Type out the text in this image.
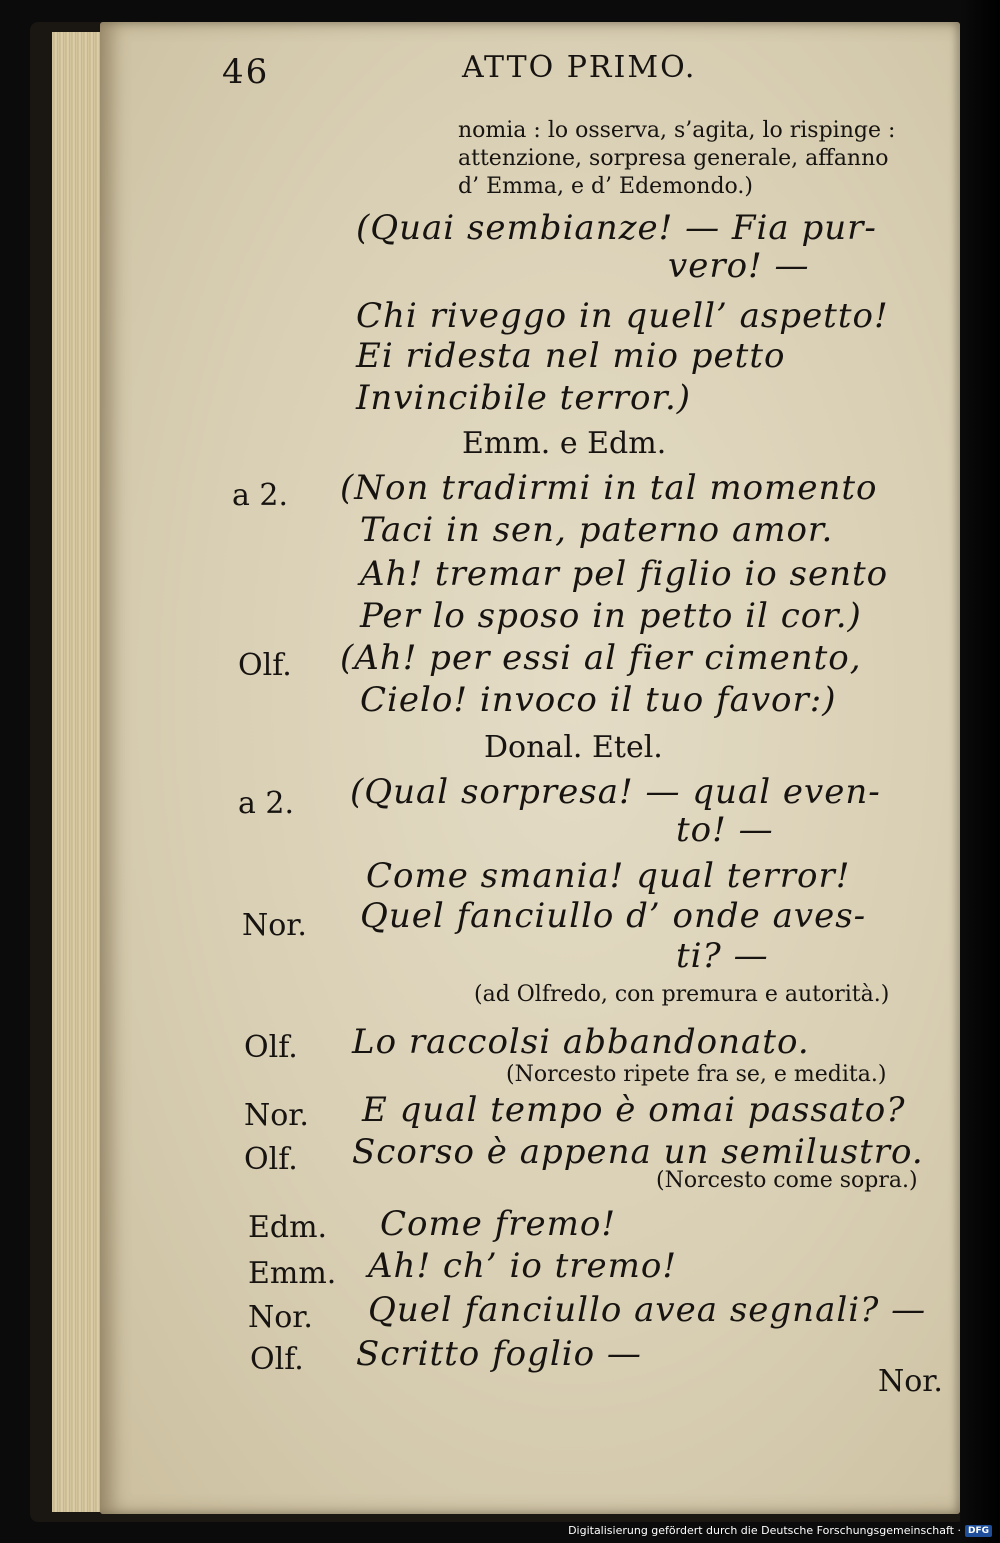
46	ATTO PRIMO.
nomia : lo osserva, s’agita, lo rispinge :
attenzione, sorpresa generale, affanno
d’ Emma, e d’ Edemondo.)
(Quai sembianze! — Fia pur-
vero! —
Chi riveggo in quell’ aspetto!
Ei ridesta nel mio petto
Invincibile terror.)
Emm. e Edm.
a 2. (Non tradirmi in tal momento
Taci in sen, paterno amor.
Ah! tremar pel figlio io sento
Per lo sposo in petto il cor.)
Olf. (Ah! per essi al fier cimento,
Cielo! invoco il tuo favor:)
Donal. Etel.
a 2. (Qual sorpresa! — qual even-
to! —
Come smania! qual terror!
Nor. Quel fanciullo d’ onde aves-
ti? —
(ad Olfredo, con premura e autorità.)
Olf. Lo raccolsi abbandonato.
(Norcesto ripete fra se, e medita.)
Nor. E qual tempo è omai passato?
Olf. Scorso è appena un semilustro.
(Norcesto come sopra.)
Edm. Come fremo!
Emm. Ah! ch’ io tremo!
Nor. Quel fanciullo avea segnali? —
Olf. Scritto foglio —
Nor.
Digitalisierung gefördert durch die Deutsche Forschungsgemeinschaft · DFG
